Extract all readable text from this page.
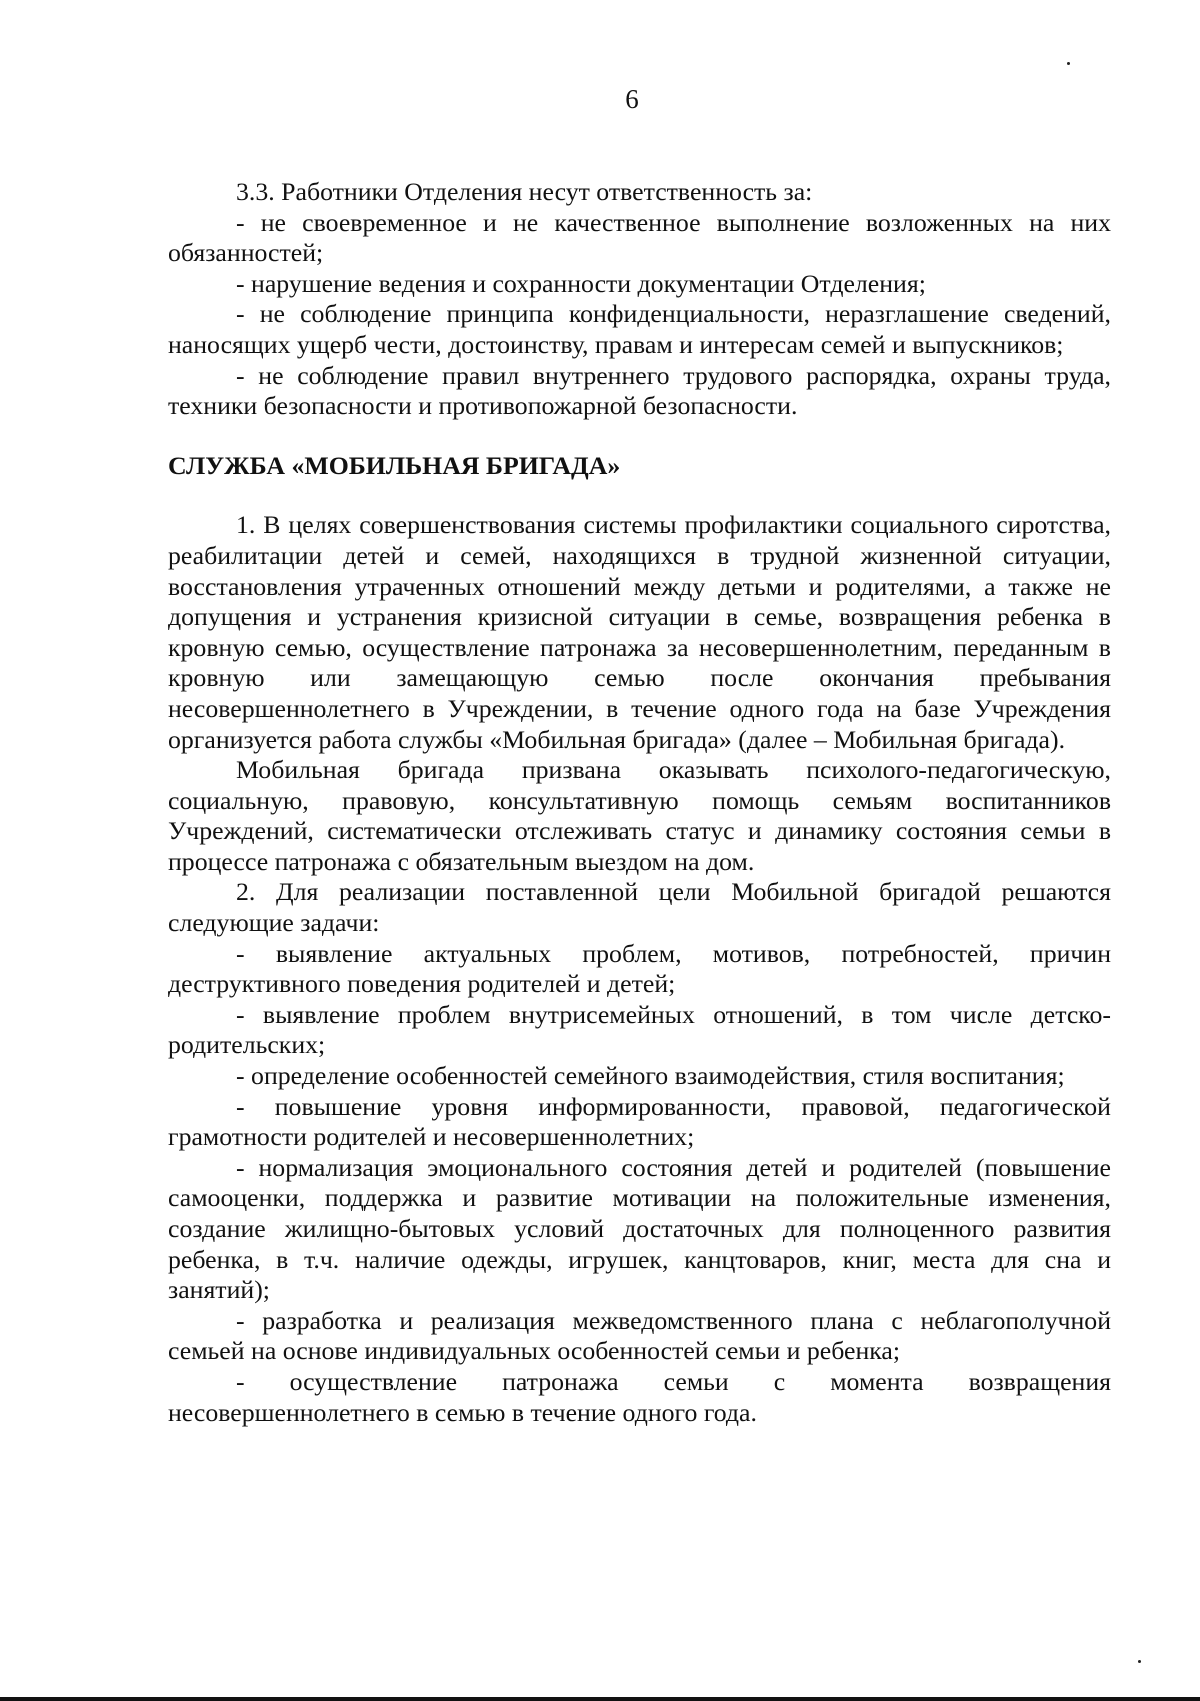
6

3.3. Работники Отделения несут ответственность за:

- не своевременное и не качественное выполнение возложенных на них обязанностей;

- нарушение ведения и сохранности документации Отделения;

- не соблюдение принципа конфиденциальности, неразглашение сведений, наносящих ущерб чести, достоинству, правам и интересам семей и выпускников;

- не соблюдение правил внутреннего трудового распорядка, охраны труда, техники безопасности и противопожарной безопасности.

СЛУЖБА «МОБИЛЬНАЯ БРИГАДА»

1. В целях совершенствования системы профилактики социального сиротства, реабилитации детей и семей, находящихся в трудной жизненной ситуации, восстановления утраченных отношений между детьми и родителями, а также не допущения и устранения кризисной ситуации в семье, возвращения ребенка в кровную семью, осуществление патронажа за несовершеннолетним, переданным в кровную или замещающую семью после окончания пребывания несовершеннолетнего в Учреждении, в течение одного года на базе Учреждения организуется работа службы «Мобильная бригада» (далее – Мобильная бригада).

Мобильная бригада призвана оказывать психолого-педагогическую, социальную, правовую, консультативную помощь семьям воспитанников Учреждений, систематически отслеживать статус и динамику состояния семьи в процессе патронажа с обязательным выездом на дом.

2. Для реализации поставленной цели Мобильной бригадой решаются следующие задачи:

- выявление актуальных проблем, мотивов, потребностей, причин деструктивного поведения родителей и детей;

- выявление проблем внутрисемейных отношений, в том числе детско-родительских;

- определение особенностей семейного взаимодействия, стиля воспитания;

- повышение уровня информированности, правовой, педагогической грамотности родителей и несовершеннолетних;

- нормализация эмоционального состояния детей и родителей (повышение самооценки, поддержка и развитие мотивации на положительные изменения, создание жилищно-бытовых условий достаточных для полноценного развития ребенка, в т.ч. наличие одежды, игрушек, канцтоваров, книг, места для сна и занятий);

- разработка и реализация межведомственного плана с неблагополучной семьей на основе индивидуальных особенностей семьи и ребенка;

- осуществление патронажа семьи с момента возвращения несовершеннолетнего в семью в течение одного года.
